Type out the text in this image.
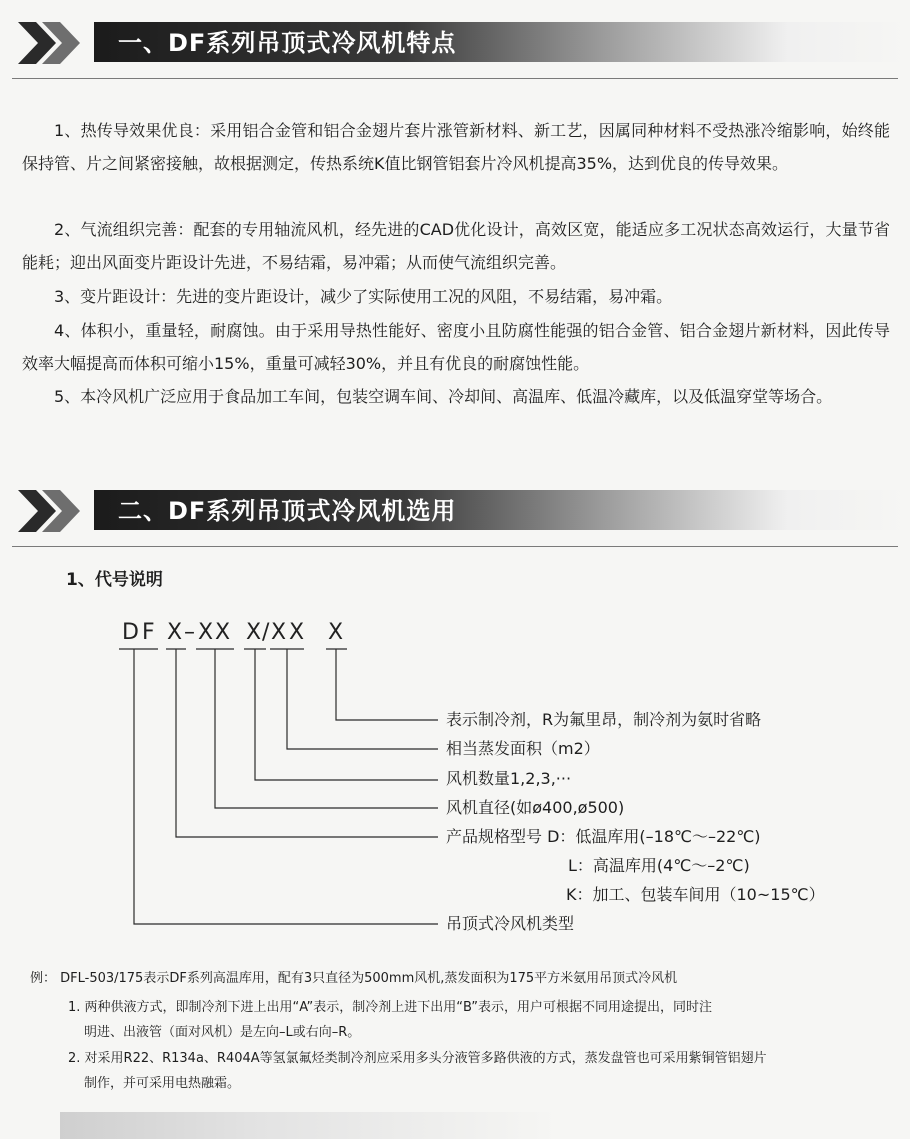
一、DF系列吊顶式冷风机特点
1、热传导效果优良：采用铝合金管和铝合金翅片套片涨管新材料、新工艺，因属同种材料不受热涨冷缩影响，始终能保持管、片之间紧密接触，故根据测定，传热系统K值比钢管铝套片冷风机提高35%，达到优良的传导效果。
2、气流组织完善：配套的专用轴流风机，经先进的CAD优化设计，高效区宽，能适应多工况状态高效运行，大量节省能耗；迎出风面变片距设计先进，不易结霜，易冲霜；从而使气流组织完善。
3、变片距设计：先进的变片距设计，减少了实际使用工况的风阻，不易结霜，易冲霜。
4、体积小，重量轻，耐腐蚀。由于采用导热性能好、密度小且防腐性能强的铝合金管、铝合金翅片新材料，因此传导效率大幅提高而体积可缩小15%，重量可减轻30%，并且有优良的耐腐蚀性能。
5、本冷风机广泛应用于食品加工车间，包装空调车间、冷却间、高温库、低温冷藏库，以及低温穿堂等场合。
二、DF系列吊顶式冷风机选用
1、代号说明
D F X – X X X / X X X
表示制冷剂，R为氟里昂，制冷剂为氨时省略
相当蒸发面积（m2）
风机数量1,2,3,···
风机直径(如ø400,ø500)
产品规格型号 D：低温库用(–18℃～–22℃)
L：高温库用(4℃～–2℃)
K：加工、包装车间用（10~15℃）
吊顶式冷风机类型
例： DFL-503/175表示DF系列高温库用，配有3只直径为500mm风机,蒸发面积为175平方米氨用吊顶式冷风机
1. 两种供液方式，即制冷剂下进上出用“A”表示，制冷剂上进下出用“B”表示，用户可根据不同用途提出，同时注
明进、出液管（面对风机）是左向–L或右向–R。
2. 对采用R22、R134a、R404A等氢氯氟烃类制冷剂应采用多头分液管多路供液的方式，蒸发盘管也可采用紫铜管铝翅片
制作，并可采用电热融霜。
